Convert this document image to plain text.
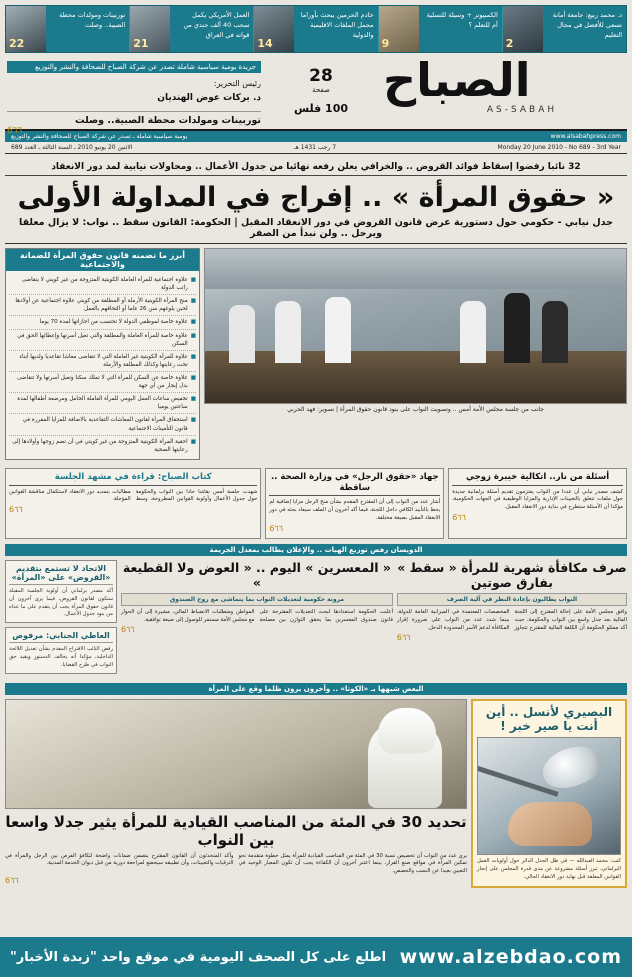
د. محمد ربيع: جامعة أمانة تسعى للأفضل في مجال التعليم
2
الكمبيوتر + وسيلة للتسلية أم للتعلم ؟
9
خادم الحرمين يبحث بأوراما مجمل الملفات الاقليمية والدولية
14
العمل الأمريكي يكمل سحب 40 ألف جندي من قواته في العراق
21
توربينات ومولدات محطة الصبية.. وصلت
22
الصباح
AS-SABAH
28
صفحة
100 فلس
جريدة يومية سياسية شاملة تصدر عن شركة الصباح للصحافة والنشر والتوزيع
رئيس التحرير:
د. بركات عوض الهنديان
توربينات ومولدات محطة الصبية.. وصلت
6٦٦
www.alsabahpress.com
يومية سياسية شاملة ـ تصدر عن شركة الصباح للصحافة والنشر والتوزيع
Monday 20 June 2010 - No 689 - 3rd Year
7 رجب 1431 هـ
الاثنين 20 يونيو 2010 ـ السنة الثالثة ـ العدد 689
32 نائبا رفضوا إسقاط فوائد القروض .. والخرافي يعلن رفعه نهائيا من جدول الأعمال .. ومحاولات نيابية لمد دور الانعقاد
« حقوق المرأة » .. إفراج في المداولة الأولى
جدل نيابي - حكومي حول دستورية عرض قانون القروض في دور الانعقاد المقبل | الحكومة: القانون سقط .. نواب: لا يزال معلقا ويرحل .. ولن نبدأ من الصفر
جانب من جلسة مجلس الأمة أمس .. وتصويت النواب على بنود قانون حقوق المرأة | تصوير: فهد الحربي
أبرز ما تضمنه قانون حقوق المرأة للضمانة والاجتماعية
■
علاوة اجتماعية للمرأة العاملة الكويتية المتزوجة من غير كويتي لا يتقاضى راتب الدولة
■
منح المرأة الكويتية الأرملة أو المطلقة من كويتي علاوة اجتماعية عن أولادها لحين بلوغهم سن 26 عاما أو التحاقهم بالعمل
■
علاوة خاصة لموظفي الدولة لا تحتسب من اجازاتها لمدة 70 يوما
■
علاوة خاصة للمرأة العاملة والمطلقة والتي تعيل أسرتها وإعطائها الحق في السكن
■
علاوة للمرأة الكويتية غير العاملة التي لا تتقاضى معاشا تقاعديا ولديها أبناء تحت رعايتها وكذلك المطلقة والأرملة
■
علاوة خاصة عن السكن للمرأة التي لا تملك سكنا وتعيل أسرتها ولا تتقاضى بدل إيجار من أي جهة
■
تخفيض ساعات العمل اليومي للمرأة العاملة الحامل ومرضعة أطفالها لمدة ساعتين يوميا
■
استحقاق المرأة لقانون المعاشات التقاعدية بالاضافة للمزايا المقررة في قانون التأمينات الاجتماعية
■
احقية المرأة الكويتية المتزوجة من غير كويتي في أن تضم زوجها وأولادها إلى رعايتها الصحية
أسئلة من نار.. اتكالية خيبرة زوجي
كشف مصدر نيابي أن عددا من النواب يعتزمون تقديم أسئلة برلمانية جديدة حول ملفات تتعلق بالتعيينات الإدارية والمزايا الوظيفية في الجهات الحكومية، مؤكدا أن الأسئلة ستطرح في بداية دور الانعقاد المقبل.
6٦٦
جهاد «حقوق الرجل» في وزارة الصحة .. ساقطة
أشار عدد من النواب إلى أن المقترح المقدم بشأن منح الرجل مزايا إضافية لم يحظ بالتأييد الكافي داخل اللجنة، فيما أكد آخرون أن الملف سيعاد بحثه في دور الانعقاد المقبل بصيغة مختلفة.
6٦٦
كتاب الصباح: قراءة في مشهد الجلسة
شهدت جلسة أمس نقاشا حادا بين النواب والحكومة حول جدول الأعمال وأولوية القوانين المطروحة، وسط مطالبات بتمديد دور الانعقاد لاستكمال مناقشة القوانين المؤجلة.
6٦٦
الدويسان رفض توزيع الهبات .. والإعلان يطالب بمعدل الجريمة
صرف مكافأة شهرية للمرأة « سقط » بفارق صوتين
النواب يطالبون بإعادة النظر في آلية الصرف
وافق مجلس الأمة على إحالة المقترح إلى اللجنة المالية بعد جدل واسع بين النواب والحكومة، حيث أكد ممثلو الحكومة أن الكلفة المالية للمقترح تتجاوز المخصصات المعتمدة في الميزانية العامة للدولة، بينما شدد عدد من النواب على ضرورة إقرار المكافأة لدعم الأسر المحدودة الدخل.
6٦٦
« المعسرين » اليوم .. « العوض ولا القطيعة »
مرونة حكومية لتعديلات النواب بما يتماشى مع روح الصندوق
أعلنت الحكومة استعدادها لبحث التعديلات المقترحة على قانون صندوق المعسرين بما يحقق التوازن بين مصلحة المواطن ومتطلبات الانضباط المالي، مشيرة إلى أن الحوار مع مجلس الأمة مستمر للوصول إلى صيغة توافقية.
6٦٦
الاتحاد لا تستمع بتقديم «القروض» على «المرأة»
أكد مصدر برلماني أن أولوية الجلسة المقبلة ستكون لقانون القروض، فيما يرى آخرون أن قانون حقوق المرأة يجب أن يتقدم على ما عداه من بنود جدول الأعمال.
العاطي الجنابي: مرفوض
رفض النائب الاقتراح المقدم بشأن تعديل اللائحة الداخلية، مؤكدا أنه يخالف الدستور ويقيد حق النواب في طرح القضايا.
البعض شبهها بـ «الكوتا» .. وآخرون يرون ظلما وقع على المرأة
البصيري لأنسل .. أين أنت يا صير خبر !
كتب: محمد العبدالله — في ظل الجدل الدائر حول أولويات العمل البرلماني، تبرز أسئلة مشروعة عن مدى قدرة المجلس على إنجاز القوانين المعلقة قبل نهاية دور الانعقاد الحالي.
تحديد 30 في المئة من المناصب القيادية للمرأة يثير جدلا واسعا بين النواب
يرى عدد من النواب أن تخصيص نسبة 30 في المئة من المناصب القيادية للمرأة يمثل خطوة متقدمة نحو تمكين المرأة في مواقع صنع القرار، بينما اعتبر آخرون أن الكفاءة يجب أن تكون المعيار الوحيد في التعيين بعيدا عن النسب والحصص.
وأكد المتحدثون أن القانون المقترح يتضمن ضمانات واضحة لتكافؤ الفرص بين الرجل والمرأة في الترقيات والتعيينات، وأن تطبيقه سيخضع لمراجعة دورية من قبل ديوان الخدمة المدنية.
6٦٦
www.alzebdao.com
اطلع على كل الصحف اليومية في موقع واحد "زبدة الأخبار"
